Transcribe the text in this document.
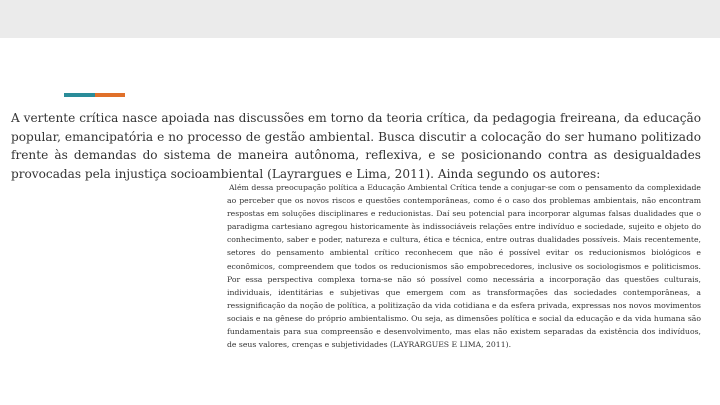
A vertente crítica nasce apoiada nas discussões em torno da teoria crítica, da pedagogia freireana, da educação popular, emancipatória e no processo de gestão ambiental. Busca discutir a colocação do ser humano politizado frente às demandas do sistema de maneira autônoma, reflexiva, e se posicionando contra as desigualdades provocadas pela injustiça socioambiental (Layrargues e Lima, 2011). Ainda segundo os autores:

Além dessa preocupação política a Educação Ambiental Crítica tende a conjugar-se com o pensamento da complexidade ao perceber que os novos riscos e questões contemporâneas, como é o caso dos problemas ambientais, não encontram respostas em soluções disciplinares e reducionistas. Daí seu potencial para incorporar algumas falsas dualidades que o paradigma cartesiano agregou historicamente às indissociáveis relações entre indivíduo e sociedade, sujeito e objeto do conhecimento, saber e poder, natureza e cultura, ética e técnica, entre outras dualidades possíveis. Mais recentemente, setores do pensamento ambiental crítico reconhecem que não é possível evitar os reducionismos biológicos e econômicos, compreendem que todos os reducionismos são empobrecedores, inclusive os sociologismos e politicismos. Por essa perspectiva complexa torna-se não só possível como necessária a incorporação das questões culturais, individuais, identitárias e subjetivas que emergem com as transformações das sociedades contemporâneas, a ressignificação da noção de política, a politização da vida cotidiana e da esfera privada, expressas nos novos movimentos sociais e na gênese do próprio ambientalismo. Ou seja, as dimensões política e social da educação e da vida humana são fundamentais para sua compreensão e desenvolvimento, mas elas não existem separadas da existência dos indivíduos, de seus valores, crenças e subjetividades (LAYRARGUES E LIMA, 2011).
